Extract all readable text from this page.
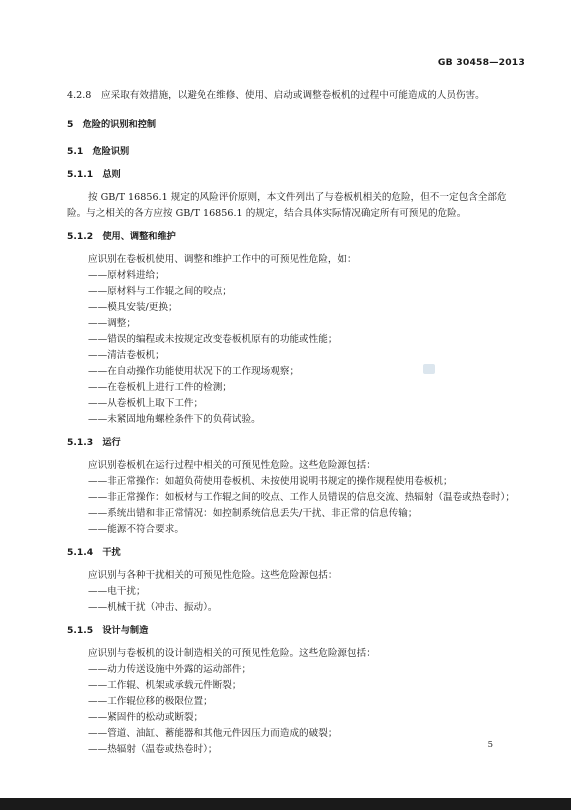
GB 30458—2013
4.2.8　应采取有效措施，以避免在维修、使用、启动或调整卷板机的过程中可能造成的人员伤害。
5　危险的识别和控制
5.1　危险识别
5.1.1　总则
按 GB/T 16856.1 规定的风险评价原则，本文件列出了与卷板机相关的危险，但不一定包含全部危
险。与之相关的各方应按 GB/T 16856.1 的规定，结合具体实际情况确定所有可预见的危险。
5.1.2　使用、调整和维护
应识别在卷板机使用、调整和维护工作中的可预见性危险，如：
——原材料进给；
——原材料与工作辊之间的咬点；
——模具安装/更换；
——调整；
——错误的编程或未按规定改变卷板机原有的功能或性能；
——清洁卷板机；
——在自动操作功能使用状况下的工作现场观察；
——在卷板机上进行工件的检测；
——从卷板机上取下工件；
——未紧固地角螺栓条件下的负荷试验。
5.1.3　运行
应识别卷板机在运行过程中相关的可预见性危险。这些危险源包括：
——非正常操作：如超负荷使用卷板机、未按使用说明书规定的操作规程使用卷板机；
——非正常操作：如板材与工作辊之间的咬点、工作人员错误的信息交流、热辐射（温卷或热卷时）；
——系统出错和非正常情况：如控制系统信息丢失/干扰、非正常的信息传输；
——能源不符合要求。
5.1.4　干扰
应识别与各种干扰相关的可预见性危险。这些危险源包括：
——电干扰；
——机械干扰（冲击、振动）。
5.1.5　设计与制造
应识别与卷板机的设计制造相关的可预见性危险。这些危险源包括：
——动力传送设施中外露的运动部件；
——工作辊、机架或承载元件断裂；
——工作辊位移的极限位置；
——紧固件的松动或断裂；
——管道、油缸、蓄能器和其他元件因压力而造成的破裂；
——热辐射（温卷或热卷时）；	5
